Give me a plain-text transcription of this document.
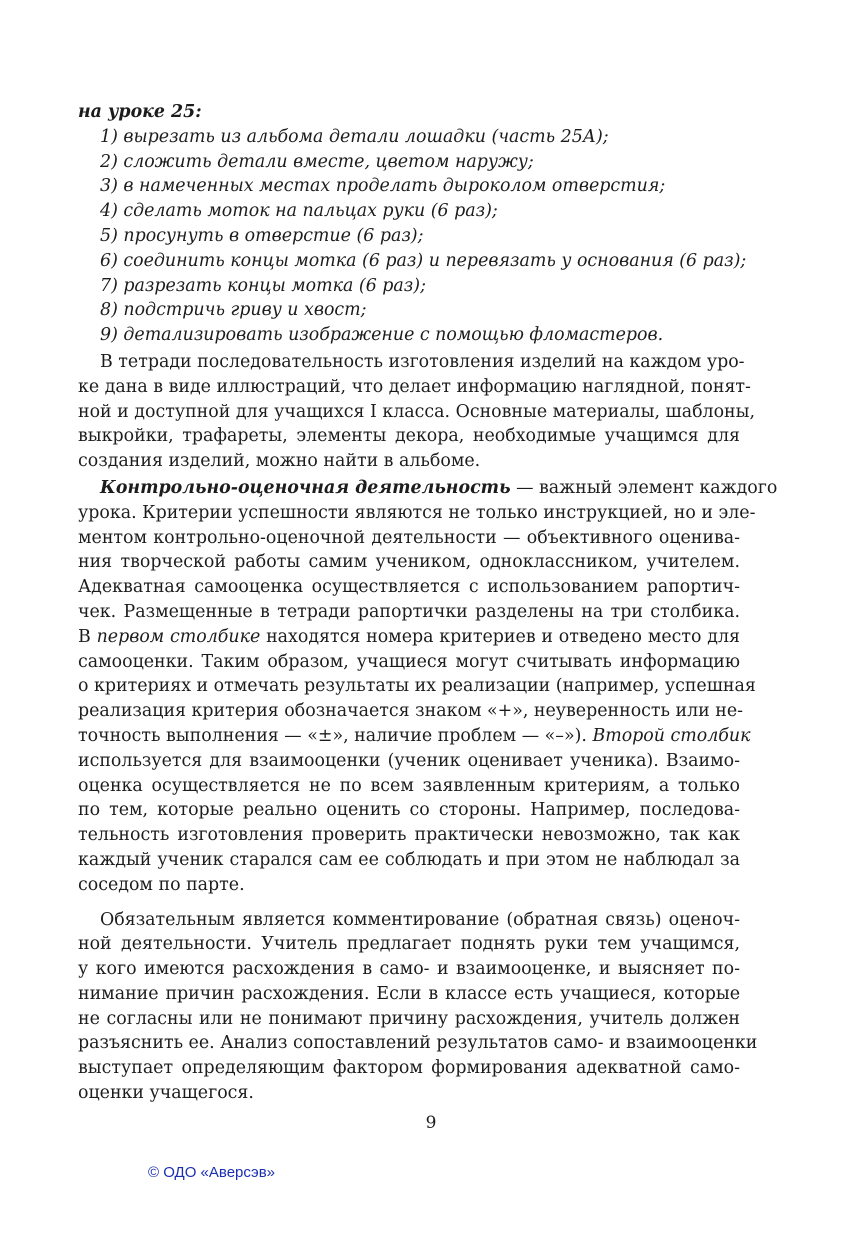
на уроке 25:
1) вырезать из альбома детали лошадки (часть 25А);
2) сложить детали вместе, цветом наружу;
3) в намеченных местах проделать дыроколом отверстия;
4) сделать моток на пальцах руки (6 раз);
5) просунуть в отверстие (6 раз);
6) соединить концы мотка (6 раз) и перевязать у основания (6 раз);
7) разрезать концы мотка (6 раз);
8) подстричь гриву и хвост;
9) детализировать изображение с помощью фломастеров.
В тетради последовательность изготовления изделий на каждом уро-
ке дана в виде иллюстраций, что делает информацию наглядной, понят-
ной и доступной для учащихся I класса. Основные материалы, шаблоны,
выкройки, трафареты, элементы декора, необходимые учащимся для
создания изделий, можно найти в альбоме.
Контрольно-оценочная деятельность — важный элемент каждого
урока. Критерии успешности являются не только инструкцией, но и эле-
ментом контрольно-оценочной деятельности — объективного оценива-
ния творческой работы самим учеником, одноклассником, учителем.
Адекватная самооценка осуществляется с использованием рапортич-
чек. Размещенные в тетради рапортички разделены на три столбика.
В первом столбике находятся номера критериев и отведено место для
самооценки. Таким образом, учащиеся могут считывать информацию
о критериях и отмечать результаты их реализации (например, успешная
реализация критерия обозначается знаком «+», неуверенность или не-
точность выполнения — «±», наличие проблем — «–»). Второй столбик
используется для взаимооценки (ученик оценивает ученика). Взаимо-
оценка осуществляется не по всем заявленным критериям, а только
по тем, которые реально оценить со стороны. Например, последова-
тельность изготовления проверить практически невозможно, так как
каждый ученик старался сам ее соблюдать и при этом не наблюдал за
соседом по парте.
Обязательным является комментирование (обратная связь) оценоч-
ной деятельности. Учитель предлагает поднять руки тем учащимся,
у кого имеются расхождения в само- и взаимооценке, и выясняет по-
нимание причин расхождения. Если в классе есть учащиеся, которые
не согласны или не понимают причину расхождения, учитель должен
разъяснить ее. Анализ сопоставлений результатов само- и взаимооценки
выступает определяющим фактором формирования адекватной само-
оценки учащегося.
9
© ОДО «Аверсэв»
